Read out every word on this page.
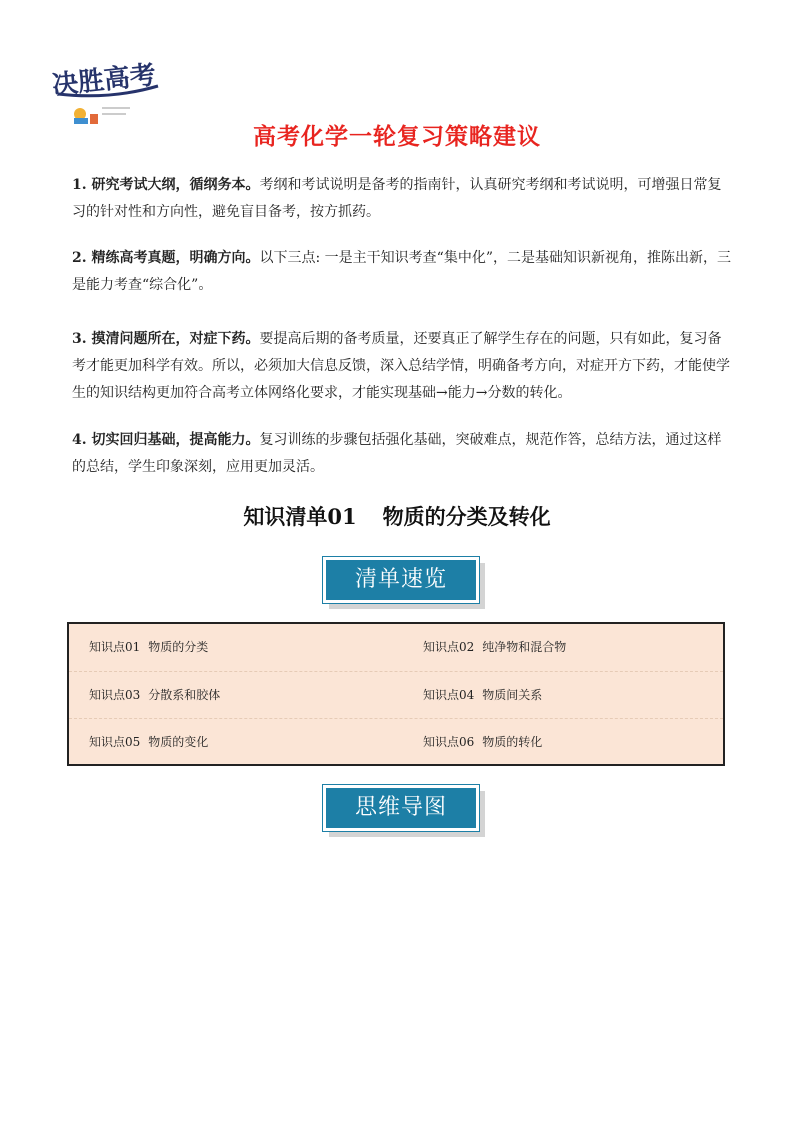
决胜高考
高考化学一轮复习策略建议
1. 研究考试大纲，循纲务本。考纲和考试说明是备考的指南针，认真研究考纲和考试说明，可增强日常复习的针对性和方向性，避免盲目备考，按方抓药。
2. 精练高考真题，明确方向。以下三点: 一是主干知识考查“集中化”，二是基础知识新视角，推陈出新，三是能力考查“综合化”。
3. 摸清问题所在，对症下药。要提高后期的备考质量，还要真正了解学生存在的问题，只有如此，复习备考才能更加科学有效。所以，必须加大信息反馈，深入总结学情，明确备考方向，对症开方下药，才能使学生的知识结构更加符合高考立体网络化要求，才能实现基础→能力→分数的转化。
4. 切实回归基础，提高能力。复习训练的步骤包括强化基础，突破难点，规范作答，总结方法，通过这样的总结，学生印象深刻，应用更加灵活。
知识清单01 物质的分类及转化
清单速览
知识点01 物质的分类	知识点02 纯净物和混合物
知识点03 分散系和胶体	知识点04 物质间关系
知识点05 物质的变化	知识点06 物质的转化
思维导图
